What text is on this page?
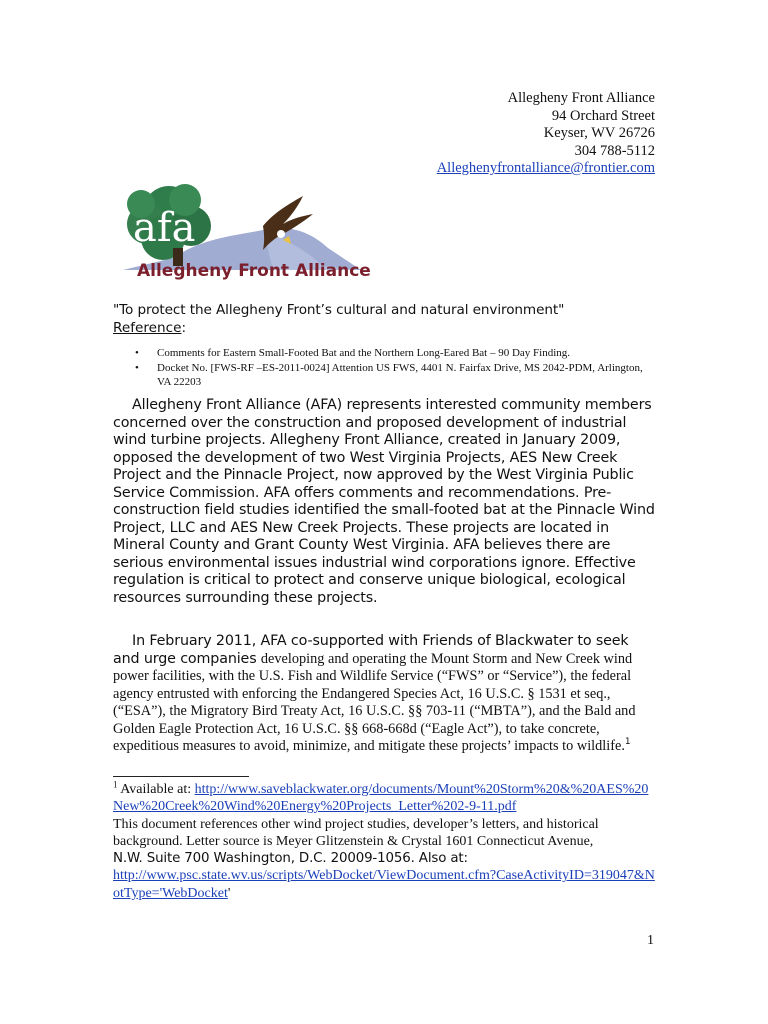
Allegheny Front Alliance
94 Orchard Street
Keyser, WV 26726
304 788-5112
Alleghenyfrontalliance@frontier.com
afa
Allegheny Front Alliance
"To protect the Allegheny Front’s cultural and natural environment"
Reference:
• Comments for Eastern Small-Footed Bat and the Northern Long-Eared Bat – 90 Day Finding.
• Docket No. [FWS-RF –ES-2011-0024] Attention US FWS, 4401 N. Fairfax Drive, MS 2042-PDM, Arlington, VA 22203

Allegheny Front Alliance (AFA) represents interested community members concerned over the construction and proposed development of industrial wind turbine projects. Allegheny Front Alliance, created in January 2009, opposed the development of two West Virginia Projects, AES New Creek Project and the Pinnacle Project, now approved by the West Virginia Public Service Commission. AFA offers comments and recommendations. Pre-construction field studies identified the small-footed bat at the Pinnacle Wind Project, LLC and AES New Creek Projects. These projects are located in Mineral County and Grant County West Virginia. AFA believes there are serious environmental issues industrial wind corporations ignore. Effective regulation is critical to protect and conserve unique biological, ecological resources surrounding these projects.

In February 2011, AFA co-supported with Friends of Blackwater to seek and urge companies developing and operating the Mount Storm and New Creek wind power facilities, with the U.S. Fish and Wildlife Service (“FWS” or “Service”), the federal agency entrusted with enforcing the Endangered Species Act, 16 U.S.C. § 1531 et seq., (“ESA”), the Migratory Bird Treaty Act, 16 U.S.C. §§ 703-11 (“MBTA”), and the Bald and Golden Eagle Protection Act, 16 U.S.C. §§ 668-668d (“Eagle Act”), to take concrete, expeditious measures to avoid, minimize, and mitigate these projects’ impacts to wildlife.$^1$

$^1$ Available at: http://www.saveblackwater.org/documents/Mount%20Storm%20&%20AES%20New%20Creek%20Wind%20Energy%20Projects_Letter%202-9-11.pdf
This document references other wind project studies, developer’s letters, and historical background. Letter source is Meyer Glitzenstein & Crystal 1601 Connecticut Avenue,
N.W. Suite 700 Washington, D.C. 20009-1056. Also at:
http://www.psc.state.wv.us/scripts/WebDocket/ViewDocument.cfm?CaseActivityID=319047&NotType='WebDocket'

1
